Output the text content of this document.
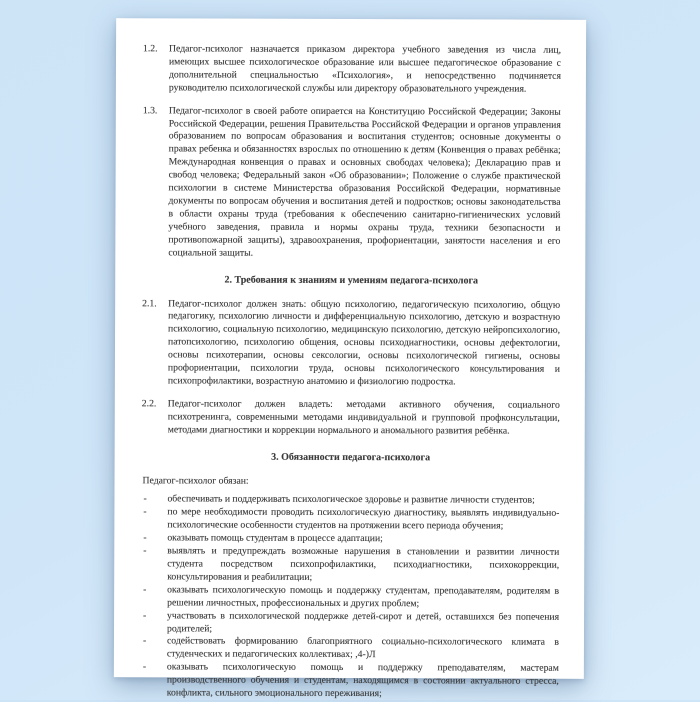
1.2.	Педагог-психолог назначается приказом директора учебного заведения из числа лиц, имеющих высшее психологическое образование или высшее педагогическое образование с дополнительной специальностью «Психология», и непосредственно подчиняется руководителю психологической службы или директору образовательного учреждения.

1.3.	Педагог-психолог в своей работе опирается на Конституцию Российской Федерации; Законы Российской Федерации, решения Правительства Российской Федерации и органов управления образованием по вопросам образования и воспитания студентов; основные документы о правах ребенка и обязанностях взрослых по отношению к детям (Конвенция о правах ребёнка; Международная конвенция о правах и основных свободах человека); Декларацию прав и свобод человека; Федеральный закон «Об образовании»; Положение о службе практической психологии в системе Министерства образования Российской Федерации, нормативные документы по вопросам обучения и воспитания детей и подростков; основы законодательства в области охраны труда (требования к обеспечению санитарно-гигиенических условий учебного заведения, правила и нормы охраны труда, техники безопасности и противопожарной защиты), здравоохранения, профориентации, занятости населения и его социальной защиты.

2. Требования к знаниям и умениям педагога-психолога
2.1.	Педагог-психолог должен знать: общую психологию, педагогическую психологию, общую педагогику, психологию личности и дифференциальную психологию, детскую и возрастную психологию, социальную психологию, медицинскую психологию, детскую нейропсихологию, патопсихологию, психологию общения, основы психодиагностики, основы дефектологии, основы психотерапии, основы сексологии, основы психологической гигиены, основы профориентации, психологии труда, основы психологического консультирования и психопрофилактики, возрастную анатомию и физиологию подростка.

2.2.	Педагог-психолог должен владеть: методами активного обучения, социального психотренинга, современными методами индивидуальной и групповой профконсультации, методами диагностики и коррекции нормального и аномального развития ребёнка.

3. Обязанности педагога-психолога

Педагог-психолог обязан:

-	обеспечивать и поддерживать психологическое здоровье и развитие личности студентов;

-	по мере необходимости проводить психологическую диагностику, выявлять индивидуально-психологические особенности студентов на протяжении всего периода обучения;

-	оказывать помощь студентам в процессе адаптации;

-	выявлять и предупреждать возможные нарушения в становлении и развитии личности студента посредством психопрофилактики, психодиагностики, психокоррекции, консультирования и реабилитации;

-	оказывать психологическую помощь и поддержку студентам, преподавателям, родителям в решении личностных, профессиональных и других проблем;

-	участвовать в психологической поддержке детей-сирот и детей, оставшихся без попечения родителей;

-	содействовать формированию благоприятного социально-психологического климата в студенческих и педагогических коллективах; ,4-)Л

-	оказывать психологическую помощь и поддержку преподавателям, мастерам производственного обучения и студентам, находящимся в состоянии актуального стресса, конфликта, сильного эмоционального переживания;
